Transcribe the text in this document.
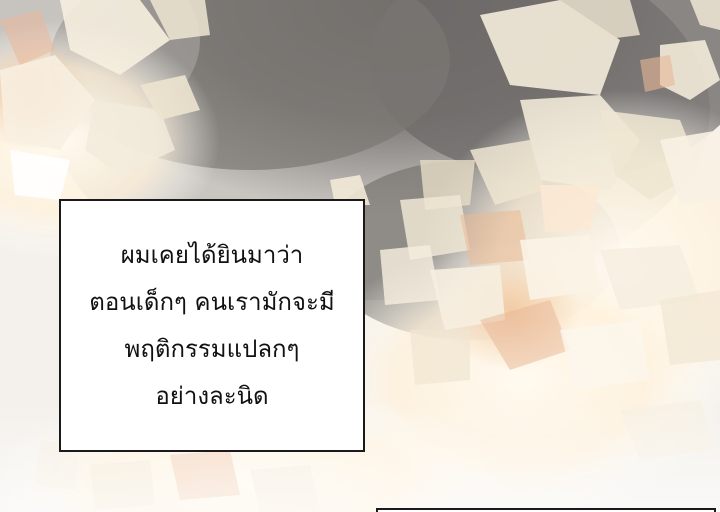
ผมเคยได้ยินมาว่า
ตอนเด็กๆ คนเรามักจะมี
พฤติกรรมแปลกๆ
อย่างละนิด
